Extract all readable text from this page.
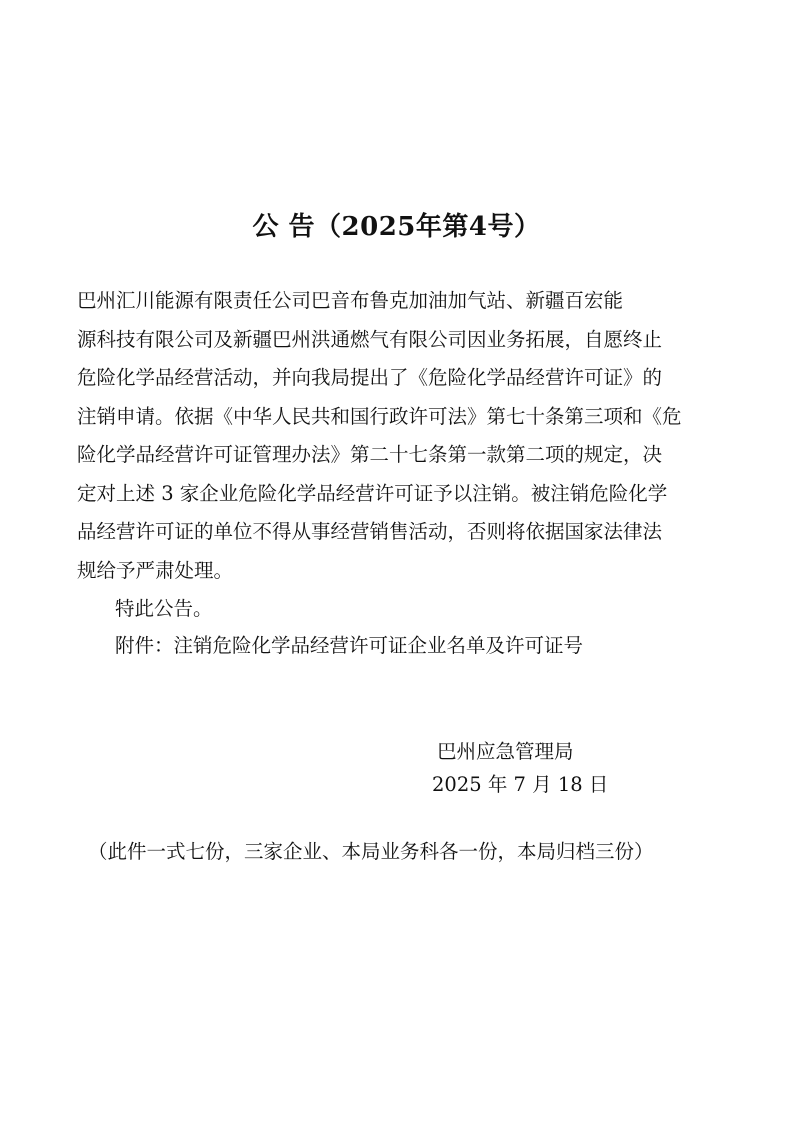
公 告（2025年第4号）
巴州汇川能源有限责任公司巴音布鲁克加油加气站、新疆百宏能
源科技有限公司及新疆巴州洪通燃气有限公司因业务拓展，自愿终止
危险化学品经营活动，并向我局提出了《危险化学品经营许可证》的
注销申请。依据《中华人民共和国行政许可法》第七十条第三项和《危
险化学品经营许可证管理办法》第二十七条第一款第二项的规定，决
定对上述 3 家企业危险化学品经营许可证予以注销。被注销危险化学
品经营许可证的单位不得从事经营销售活动，否则将依据国家法律法
规给予严肃处理。
特此公告。
附件：注销危险化学品经营许可证企业名单及许可证号
巴州应急管理局
2025 年 7 月 18 日
（此件一式七份，三家企业、本局业务科各一份，本局归档三份）
